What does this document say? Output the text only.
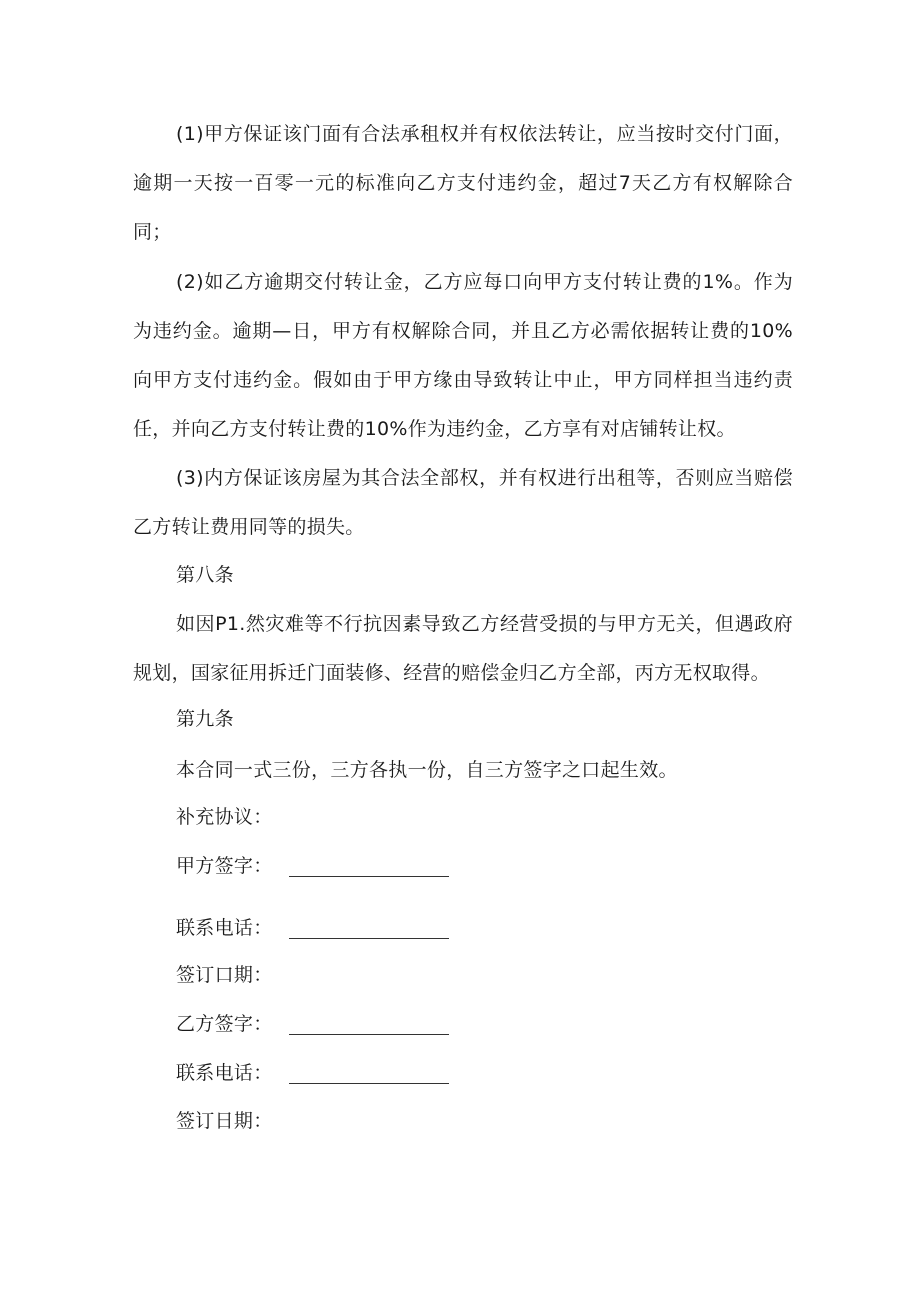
(1)甲方保证该门面有合法承租权并有权依法转让，应当按时交付门面，逾期一天按一百零一元的标准向乙方支付违约金，超过7天乙方有权解除合同；

(2)如乙方逾期交付转让金，乙方应每口向甲方支付转让费的1%。作为为违约金。逾期—日，甲方有权解除合同，并且乙方必需依据转让费的10%向甲方支付违约金。假如由于甲方缘由导致转让中止，甲方同样担当违约责任，并向乙方支付转让费的10%作为违约金，乙方享有对店铺转让权。

(3)内方保证该房屋为其合法全部权，并有权进行出租等，否则应当赔偿乙方转让费用同等的损失。

第八条

如因P1.然灾难等不行抗因素导致乙方经营受损的与甲方无关，但遇政府规划，国家征用拆迁门面装修、经营的赔偿金归乙方全部，丙方无权取得。

第九条

本合同一式三份，三方各执一份，自三方签字之口起生效。

补充协议：

甲方签字：
联系电话：

签订口期：

乙方签字：
联系电话：

签订日期：
